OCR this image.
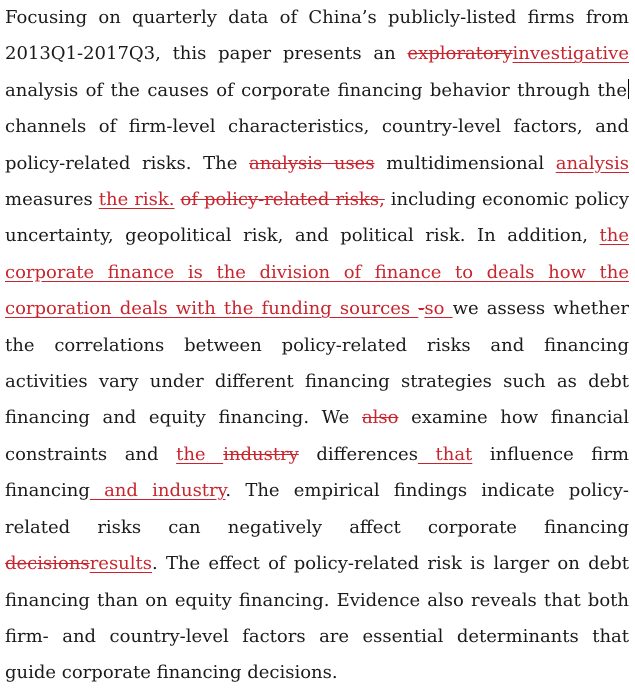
Focusing on quarterly data of China’s publicly-listed firms from 2013Q1-2017Q3, this paper presents an exploratoryinvestigative analysis of the causes of corporate financing behavior through the channels of firm-level characteristics, country-level factors, and policy-related risks. The analysis uses multidimensional analysis measures the risk. of policy-related risks, including economic policy uncertainty, geopolitical risk, and political risk. In addition, the corporate finance is the division of finance to deals how the corporation deals with the funding sources -so we assess whether the correlations between policy-related risks and financing activities vary under different financing strategies such as debt financing and equity financing. We also examine how financial constraints and the industry differences that influence firm financing and industry. The empirical findings indicate policy-related risks can negatively affect corporate financing decisionsresults. The effect of policy-related risk is larger on debt financing than on equity financing. Evidence also reveals that both firm- and country-level factors are essential determinants that guide corporate financing decisions.
